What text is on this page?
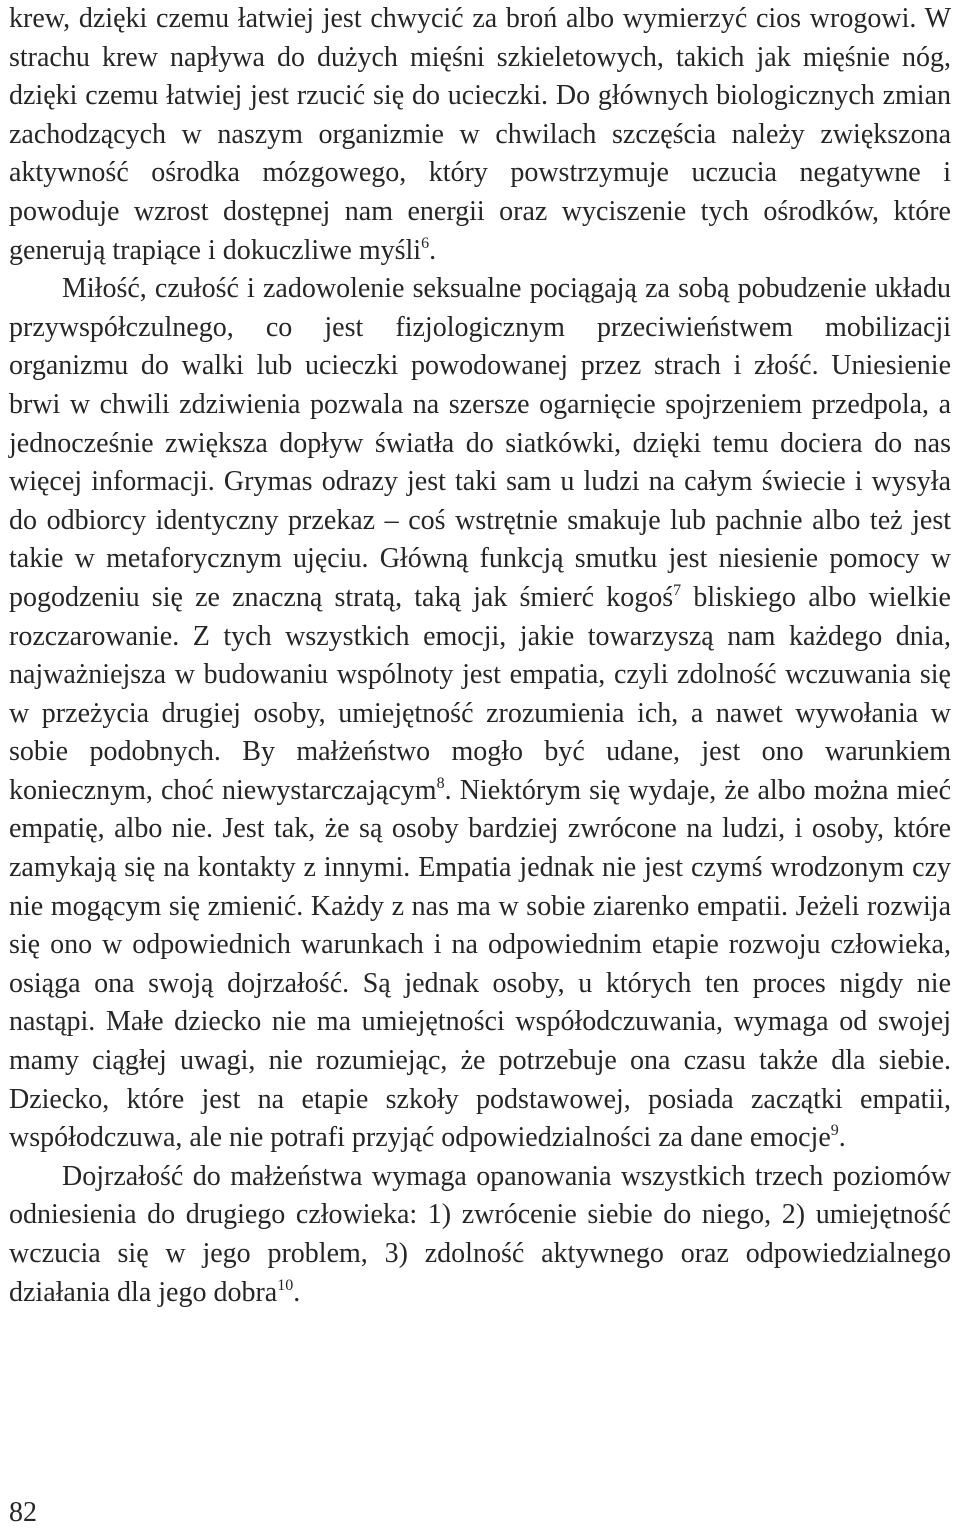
krew, dzięki czemu łatwiej jest chwycić za broń albo wymierzyć cios wrogowi. W strachu krew napływa do dużych mięśni szkieletowych, takich jak mięśnie nóg, dzięki czemu łatwiej jest rzucić się do ucieczki. Do głównych biologicznych zmian zachodzących w naszym organizmie w chwilach szczęścia należy zwiększona aktywność ośrodka mózgowego, który powstrzymuje uczucia negatywne i powoduje wzrost dostępnej nam energii oraz wyciszenie tych ośrodków, które generują trapiące i dokuczliwe myśli$^6$.

Miłość, czułość i zadowolenie seksualne pociągają za sobą pobudzenie układu przywspółczulnego, co jest fizjologicznym przeciwieństwem mobilizacji organizmu do walki lub ucieczki powodowanej przez strach i złość. Uniesienie brwi w chwili zdziwienia pozwala na szersze ogarnięcie spojrzeniem przedpola, a jednocześnie zwiększa dopływ światła do siatkówki, dzięki temu dociera do nas więcej informacji. Grymas odrazy jest taki sam u ludzi na całym świecie i wysyła do odbiorcy identyczny przekaz – coś wstrętnie smakuje lub pachnie albo też jest takie w metaforycznym ujęciu. Główną funkcją smutku jest niesienie pomocy w pogodzeniu się ze znaczną stratą, taką jak śmierć kogoś$^7$ bliskiego albo wielkie rozczarowanie. Z tych wszystkich emocji, jakie towarzyszą nam każdego dnia, najważniejsza w budowaniu wspólnoty jest empatia, czyli zdolność wczuwania się w przeżycia drugiej osoby, umiejętność zrozumienia ich, a nawet wywołania w sobie podobnych. By małżeństwo mogło być udane, jest ono warunkiem koniecznym, choć niewystarczającym$^8$. Niektórym się wydaje, że albo można mieć empatię, albo nie. Jest tak, że są osoby bardziej zwrócone na ludzi, i osoby, które zamykają się na kontakty z innymi. Empatia jednak nie jest czymś wrodzonym czy nie mogącym się zmienić. Każdy z nas ma w sobie ziarenko empatii. Jeżeli rozwija się ono w odpowiednich warunkach i na odpowiednim etapie rozwoju człowieka, osiąga ona swoją dojrzałość. Są jednak osoby, u których ten proces nigdy nie nastąpi. Małe dziecko nie ma umiejętności współodczuwania, wymaga od swojej mamy ciągłej uwagi, nie rozumiejąc, że potrzebuje ona czasu także dla siebie. Dziecko, które jest na etapie szkoły podstawowej, posiada zaczątki empatii, współodczuwa, ale nie potrafi przyjąć odpowiedzialności za dane emocje$^9$.

Dojrzałość do małżeństwa wymaga opanowania wszystkich trzech poziomów odniesienia do drugiego człowieka: 1) zwrócenie siebie do niego, 2) umiejętność wczucia się w jego problem, 3) zdolność aktywnego oraz odpowiedzialnego działania dla jego dobra$^{10}$.

82
